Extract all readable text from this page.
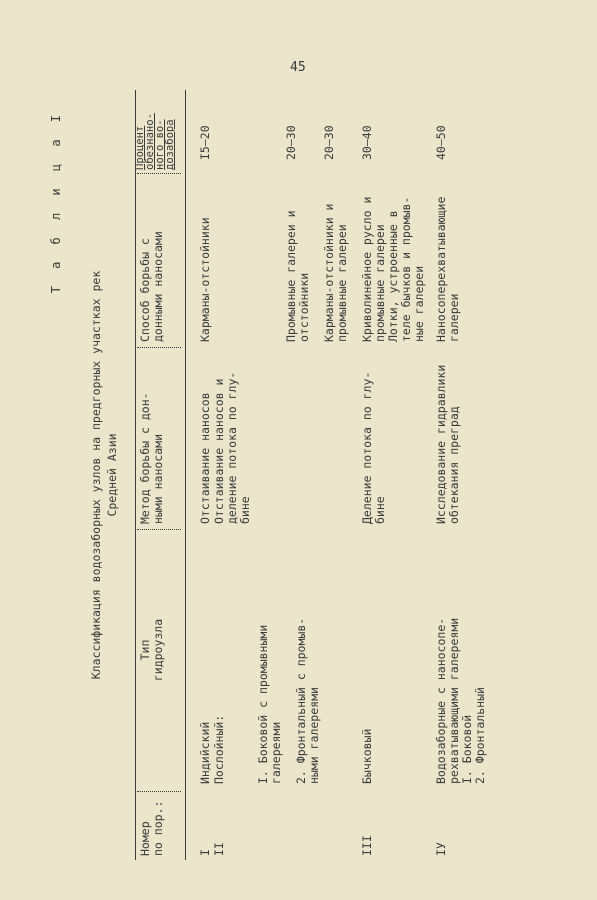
45
Т а б л и ц а I
Классификация водозаборных узлов на предгорных участках рек Средней Азии
Номер
по пор.:
Тип
гидроузла
Метод борьбы с дон-
ными наносами
Способ борьбы с
донными наносами
Процент
обезнано-
ного во-
дозабора
I
Индийский
Отстаивание наносов
Карманы-отстойники
I5–20
II
Послойный:
Отстаивание наносов и
деление потока по глу-
бине
I. Боковой с промывными
галереями
Промывные галереи и
отстойники
20–30
2. Фронтальный с промыв-
ными галереями
Карманы-отстойники и
промывные галереи
20–30
III
Бычковый
Деление потока по глу-
бине
Криволинейное русло и
промывные галереи
Лотки, устроенные в
теле бычков и промыв-
ные галереи
30–40
IУ
Водозаборные с наносопе-
рехватывающими галереями
I. Боковой
2. Фронтальный
Исследование гидравлики
обтекания преград
Наносоперехватывающие
галереи
40–50
